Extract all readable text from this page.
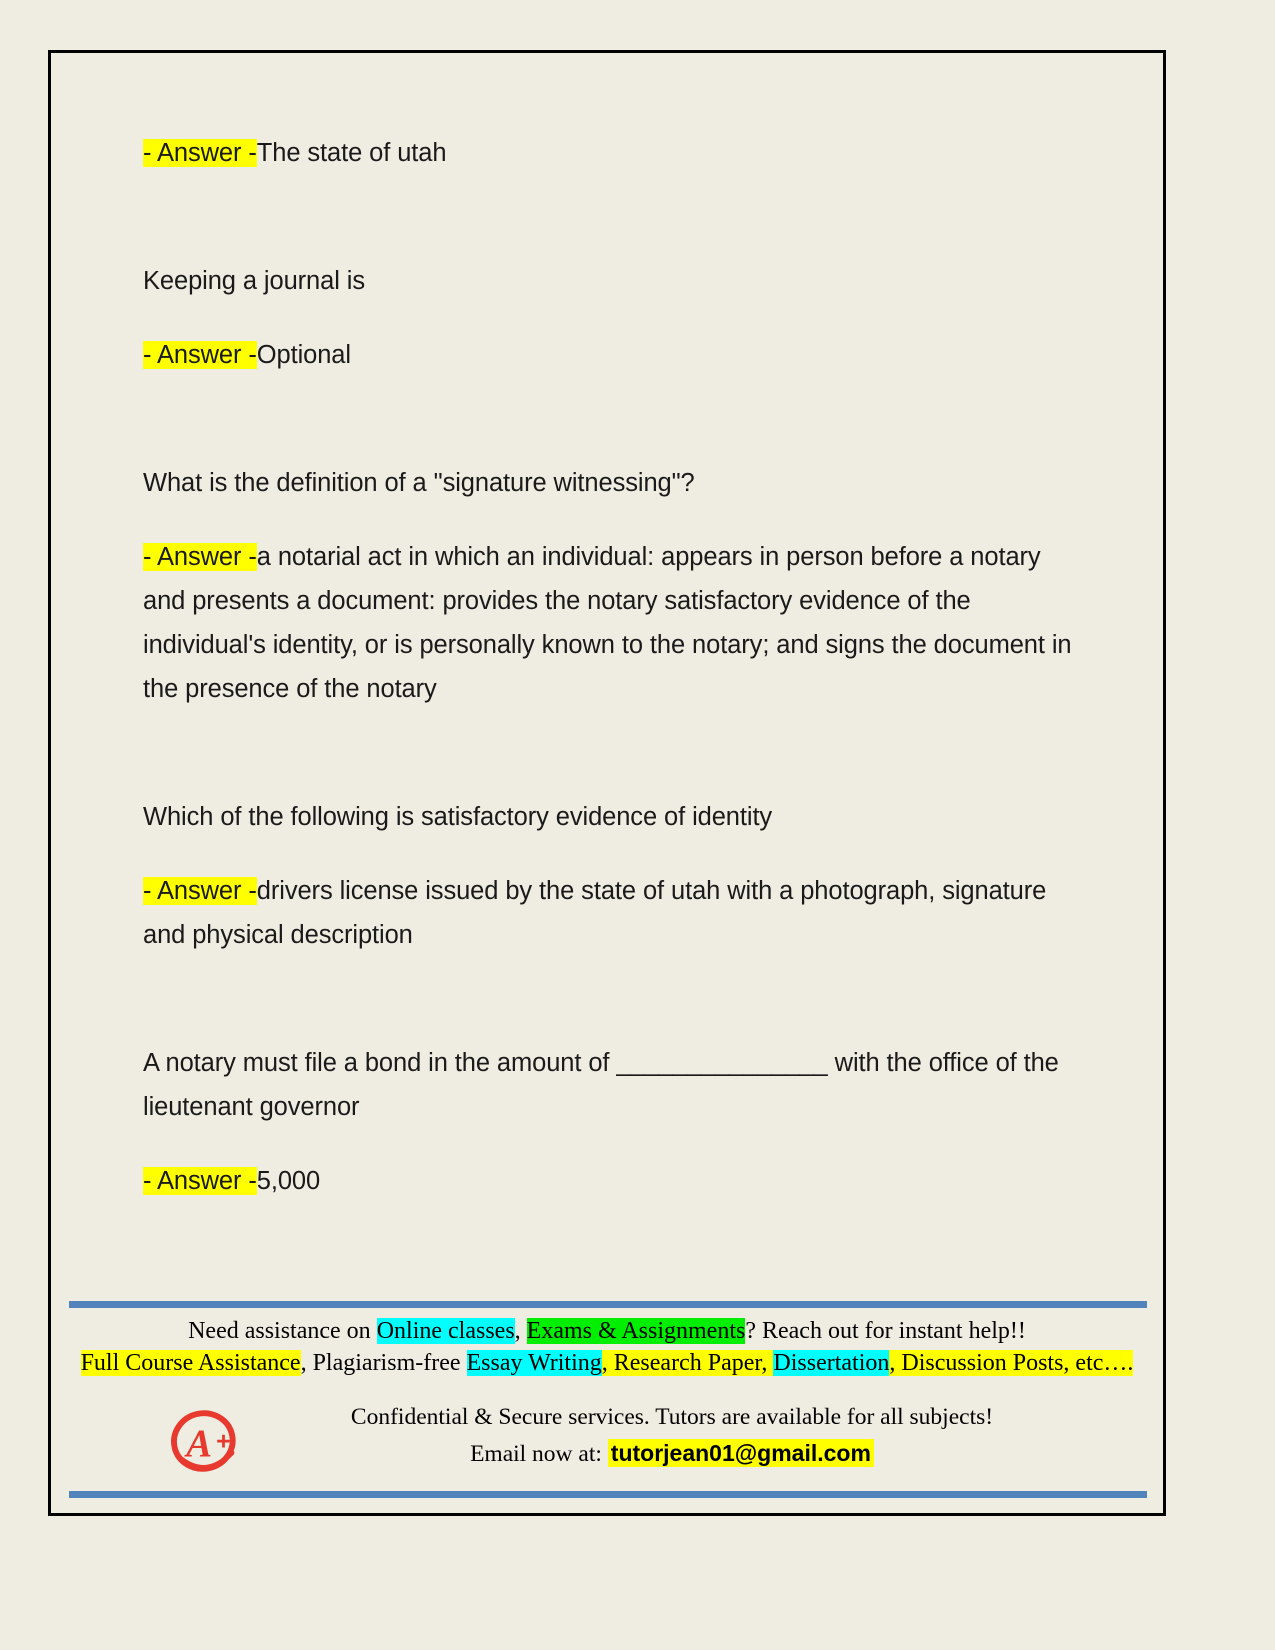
- Answer -The state of utah
Keeping a journal is
- Answer -Optional
What is the definition of a "signature witnessing"?
- Answer -a notarial act in which an individual: appears in person before a notary and presents a document: provides the notary satisfactory evidence of the individual's identity, or is personally known to the notary; and signs the document in the presence of the notary
Which of the following is satisfactory evidence of identity
- Answer -drivers license issued by the state of utah with a photograph, signature and physical description
A notary must file a bond in the amount of _______________ with the office of the lieutenant governor
- Answer -5,000
Need assistance on Online classes, Exams & Assignments? Reach out for instant help!!
Full Course Assistance, Plagiarism-free Essay Writing, Research Paper, Dissertation, Discussion Posts, etc….
A +
Confidential & Secure services. Tutors are available for all subjects!
Email now at: tutorjean01@gmail.com
